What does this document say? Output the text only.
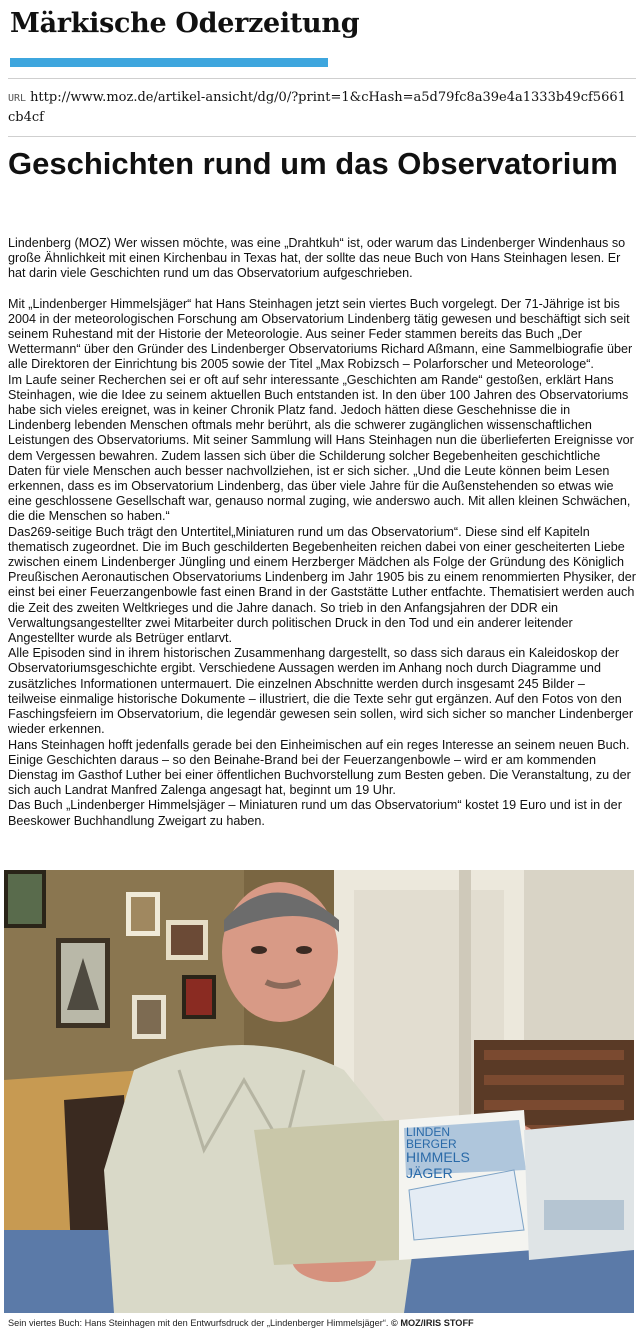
Märkische Oderzeitung
URL http://www.moz.de/artikel-ansicht/dg/0/?print=1&cHash=a5d79fc8a39e4a1333b49cf5661cb4cf
Geschichten rund um das Observatorium

Lindenberg (MOZ) Wer wissen möchte, was eine „Drahtkuh“ ist, oder warum das Lindenberger Windenhaus so große Ähnlichkeit mit einen Kirchenbau in Texas hat, der sollte das neue Buch von Hans Steinhagen lesen. Er hat darin viele Geschichten rund um das Observatorium aufgeschrieben.

Mit „Lindenberger Himmelsjäger“ hat Hans Steinhagen jetzt sein viertes Buch vorgelegt. Der 71-Jährige ist bis 2004 in der meteorologischen Forschung am Observatorium Lindenberg tätig gewesen und beschäftigt sich seit seinem Ruhestand mit der Historie der Meteorologie. Aus seiner Feder stammen bereits das Buch „Der Wettermann“ über den Gründer des Lindenberger Observatoriums Richard Aßmann, eine Sammelbiografie über alle Direktoren der Einrichtung bis 2005 sowie der Titel „Max Robizsch – Polarforscher und Meteorologe“.

Im Laufe seiner Recherchen sei er oft auf sehr interessante „Geschichten am Rande“ gestoßen, erklärt Hans Steinhagen, wie die Idee zu seinem aktuellen Buch entstanden ist. In den über 100 Jahren des Observatoriums habe sich vieles ereignet, was in keiner Chronik Platz fand. Jedoch hätten diese Geschehnisse die in Lindenberg lebenden Menschen oftmals mehr berührt, als die schwerer zugänglichen wissenschaftlichen Leistungen des Observatoriums. Mit seiner Sammlung will Hans Steinhagen nun die überlieferten Ereignisse vor dem Vergessen bewahren. Zudem lassen sich über die Schilderung solcher Begebenheiten geschichtliche Daten für viele Menschen auch besser nachvollziehen, ist er sich sicher. „Und die Leute können beim Lesen erkennen, dass es im Observatorium Lindenberg, das über viele Jahre für die Außenstehenden so etwas wie eine geschlossene Gesellschaft war, genauso normal zuging, wie anderswo auch. Mit allen kleinen Schwächen, die die Menschen so haben.“

Das269-seitige Buch trägt den Untertitel„Miniaturen rund um das Observatorium“. Diese sind elf Kapiteln thematisch zugeordnet. Die im Buch geschilderten Begebenheiten reichen dabei von einer gescheiterten Liebe zwischen einem Lindenberger Jüngling und einem Herzberger Mädchen als Folge der Gründung des Königlich Preußischen Aeronautischen Observatoriums Lindenberg im Jahr 1905 bis zu einem renommierten Physiker, der einst bei einer Feuerzangenbowle fast einen Brand in der Gaststätte Luther entfachte. Thematisiert werden auch die Zeit des zweiten Weltkrieges und die Jahre danach. So trieb in den Anfangsjahren der DDR ein Verwaltungsangestellter zwei Mitarbeiter durch politischen Druck in den Tod und ein anderer leitender Angestellter wurde als Betrüger entlarvt.

Alle Episoden sind in ihrem historischen Zusammenhang dargestellt, so dass sich daraus ein Kaleidoskop der Observatoriumsgeschichte ergibt. Verschiedene Aussagen werden im Anhang noch durch Diagramme und zusätzliches Informationen untermauert. Die einzelnen Abschnitte werden durch insgesamt 245 Bilder – teilweise einmalige historische Dokumente – illustriert, die die Texte sehr gut ergänzen. Auf den Fotos von den Faschingsfeiern im Observatorium, die legendär gewesen sein sollen, wird sich sicher so mancher Lindenberger wieder erkennen.

Hans Steinhagen hofft jedenfalls gerade bei den Einheimischen auf ein reges Interesse an seinem neuen Buch. Einige Geschichten daraus – so den Beinahe-Brand bei der Feuerzangenbowle – wird er am kommenden Dienstag im Gasthof Luther bei einer öffentlichen Buchvorstellung zum Besten geben. Die Veranstaltung, zu der sich auch Landrat Manfred Zalenga angesagt hat, beginnt um 19 Uhr.

Das Buch „Lindenberger Himmelsjäger – Miniaturen rund um das Observatorium“ kostet 19 Euro und ist in der Beeskower Buchhandlung Zweigart zu haben.

LINDEN
BERGER
HIMMELS
JÄGER
Sein viertes Buch: Hans Steinhagen mit den Entwurfsdruck der „Lindenberger Himmelsjäger“. © MOZ/IRIS STOFF
